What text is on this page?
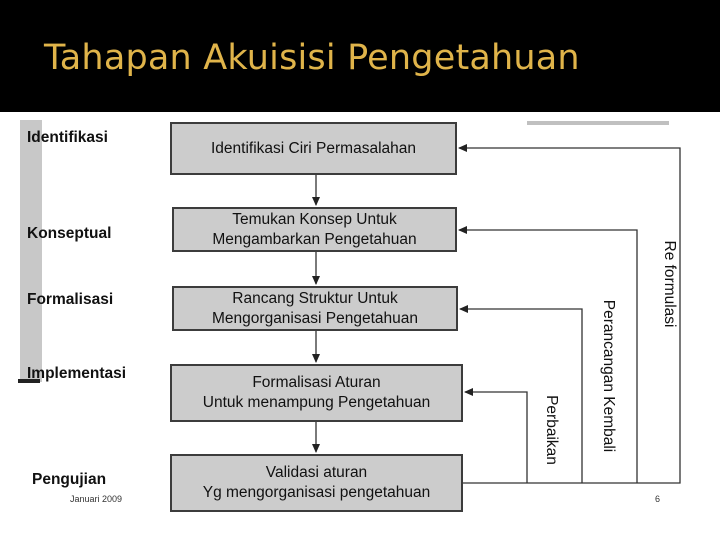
Tahapan Akuisisi Pengetahuan
Identifikasi
Konseptual
Formalisasi
Implementasi
Pengujian
Identifikasi Ciri Permasalahan
Temukan Konsep Untuk
Mengambarkan Pengetahuan
Rancang Struktur Untuk
Mengorganisasi Pengetahuan
Formalisasi Aturan
Untuk menampung Pengetahuan
Validasi aturan
Yg mengorganisasi pengetahuan
Re formulasi
Perancangan Kembali
Perbaikan
Januari 2009	6
